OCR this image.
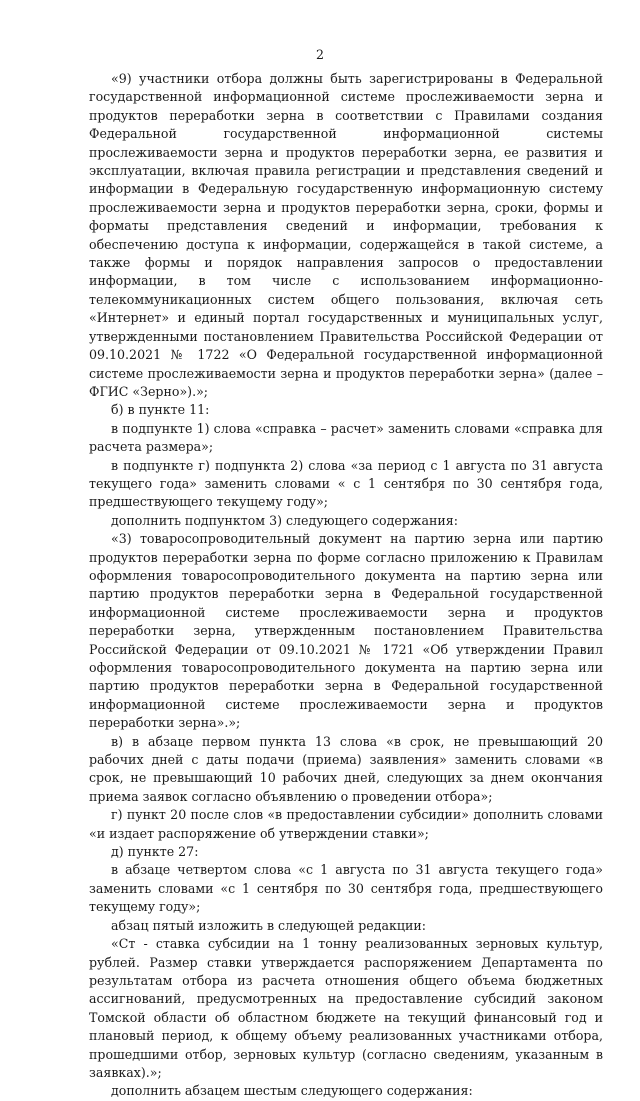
2

«9) участники отбора должны быть зарегистрированы в Федеральной государственной информационной системе прослеживаемости зерна и продуктов переработки зерна в соответствии с Правилами создания Федеральной государственной информационной системы прослеживаемости зерна и продуктов переработки зерна, ее развития и эксплуатации, включая правила регистрации и представления сведений и информации в Федеральную государственную информационную систему прослеживаемости зерна и продуктов переработки зерна, сроки, формы и форматы представления сведений и информации, требования к обеспечению доступа к информации, содержащейся в такой системе, а также формы и порядок направления запросов о предоставлении информации, в том числе с использованием информационно-телекоммуникационных систем общего пользования, включая сеть «Интернет» и единый портал государственных и муниципальных услуг, утвержденными постановлением Правительства Российской Федерации от 09.10.2021 № 1722 «О Федеральной государственной информационной системе прослеживаемости зерна и продуктов переработки зерна» (далее – ФГИС «Зерно»).»;

б) в пункте 11:

в подпункте 1) слова «справка – расчет» заменить словами «справка для расчета размера»;

в подпункте г) подпункта 2) слова «за период с 1 августа по 31 августа текущего года» заменить словами « с 1 сентября по 30 сентября года, предшествующего текущему году»;

дополнить подпунктом 3) следующего содержания:

«3) товаросопроводительный документ на партию зерна или партию продуктов переработки зерна по форме согласно приложению к Правилам оформления товаросопроводительного документа на партию зерна или партию продуктов переработки зерна в Федеральной государственной информационной системе прослеживаемости зерна и продуктов переработки зерна, утвержденным постановлением Правительства Российской Федерации от 09.10.2021 № 1721 «Об утверждении Правил оформления товаросопроводительного документа на партию зерна или партию продуктов переработки зерна в Федеральной государственной информационной системе прослеживаемости зерна и продуктов переработки зерна».»;

в) в абзаце первом пункта 13 слова «в срок, не превышающий 20 рабочих дней с даты подачи (приема) заявления» заменить словами «в срок, не превышающий 10 рабочих дней, следующих за днем окончания приема заявок согласно объявлению о проведении отбора»;

г) пункт 20 после слов «в предоставлении субсидии» дополнить словами «и издает распоряжение об утверждении ставки»;

д) пункте 27:

в абзаце четвертом слова «с 1 августа по 31 августа текущего года» заменить словами «с 1 сентября по 30 сентября года, предшествующего текущему году»;

абзац пятый изложить в следующей редакции:

«Ст - ставка субсидии на 1 тонну реализованных зерновых культур, рублей. Размер ставки утверждается распоряжением Департамента по результатам отбора из расчета отношения общего объема бюджетных ассигнований, предусмотренных на предоставление субсидий законом Томской области об областном бюджете на текущий финансовый год и плановый период, к общему объему реализованных участниками отбора, прошедшими отбор, зерновых культур (согласно сведениям, указанным в заявках).»;

дополнить абзацем шестым следующего содержания:
